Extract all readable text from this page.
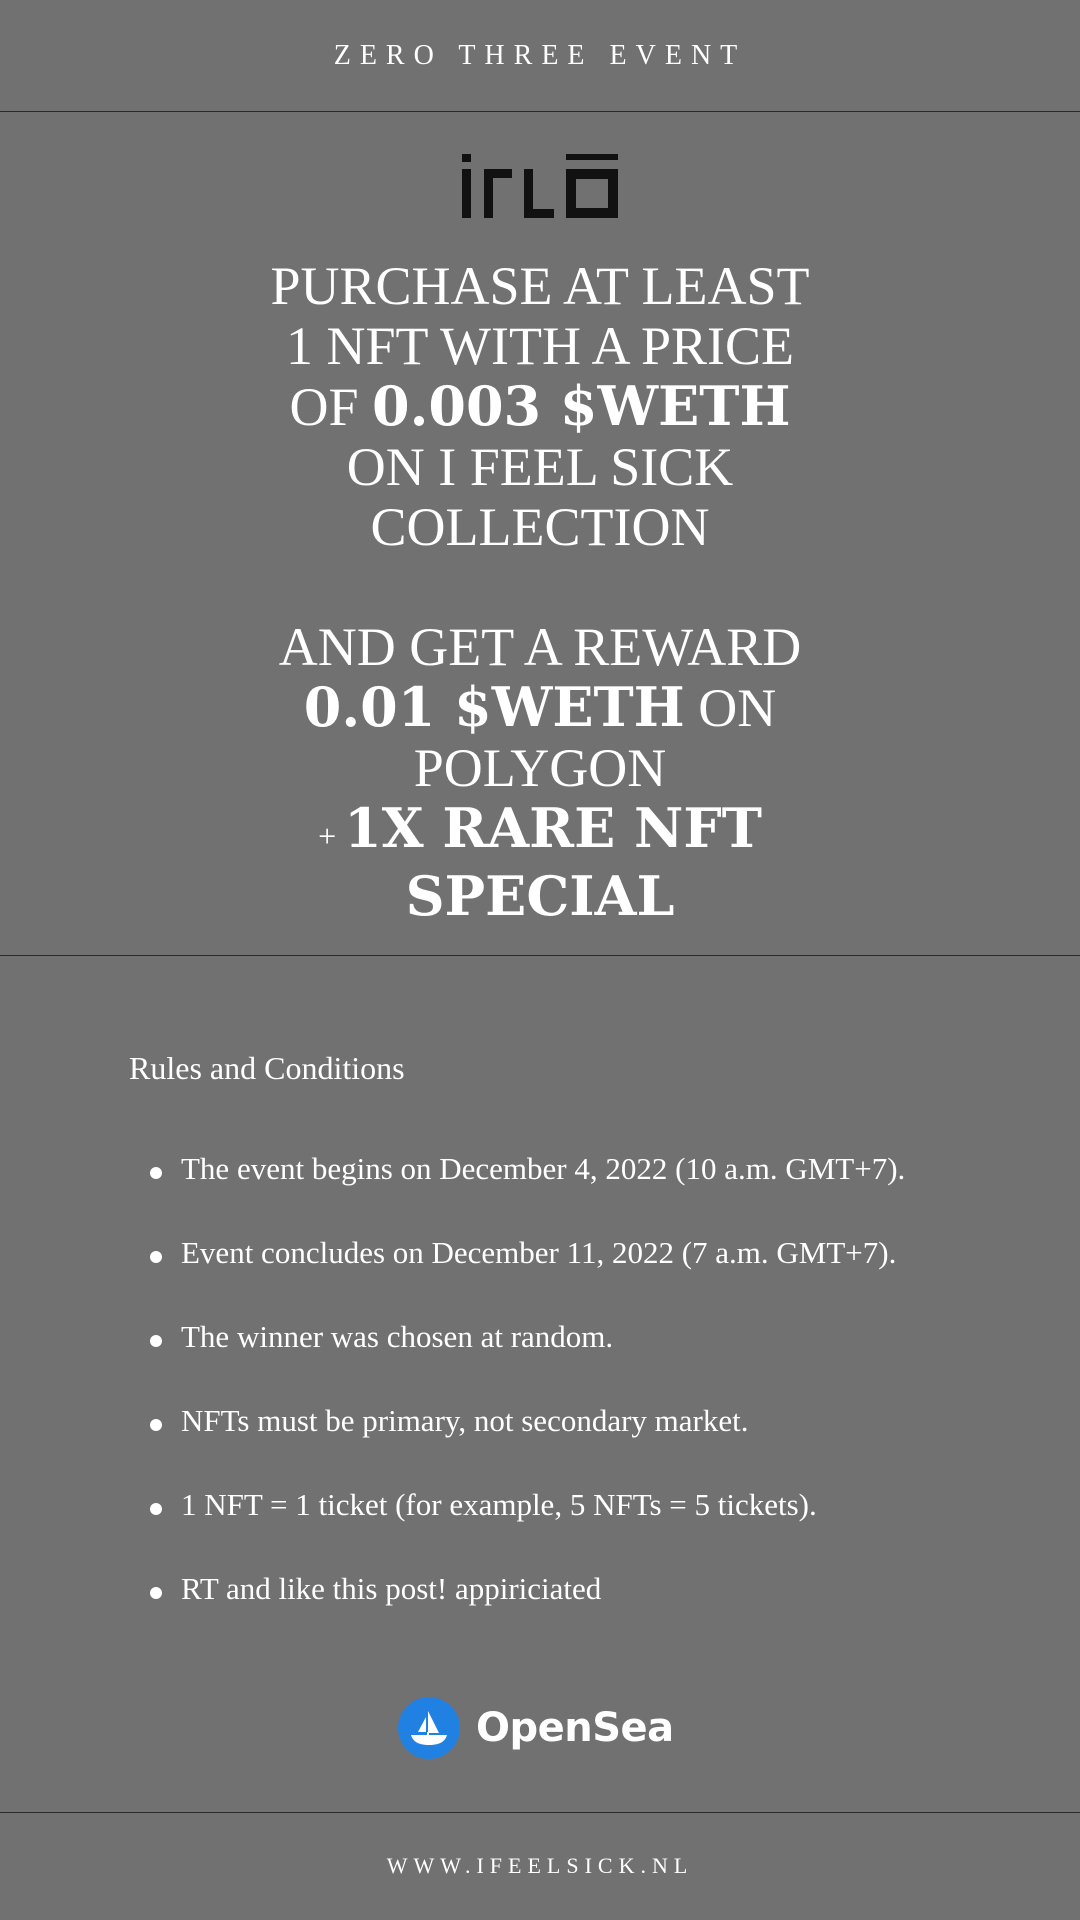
ZERO THREE EVENT
PURCHASE AT LEAST
1 NFT WITH A PRICE
OF 0.003 $WETH
ON I FEEL SICK
COLLECTION
AND GET A REWARD
0.01 $WETH ON
POLYGON
+ 1X RARE NFT
SPECIAL
Rules and Conditions
The event begins on December 4, 2022 (10 a.m. GMT+7).
Event concludes on December 11, 2022 (7 a.m. GMT+7).
The winner was chosen at random.
NFTs must be primary, not secondary market.
1 NFT = 1 ticket (for example, 5 NFTs = 5 tickets).
RT and like this post! appiriciated
OpenSea
WWW.IFEELSICK.NL
